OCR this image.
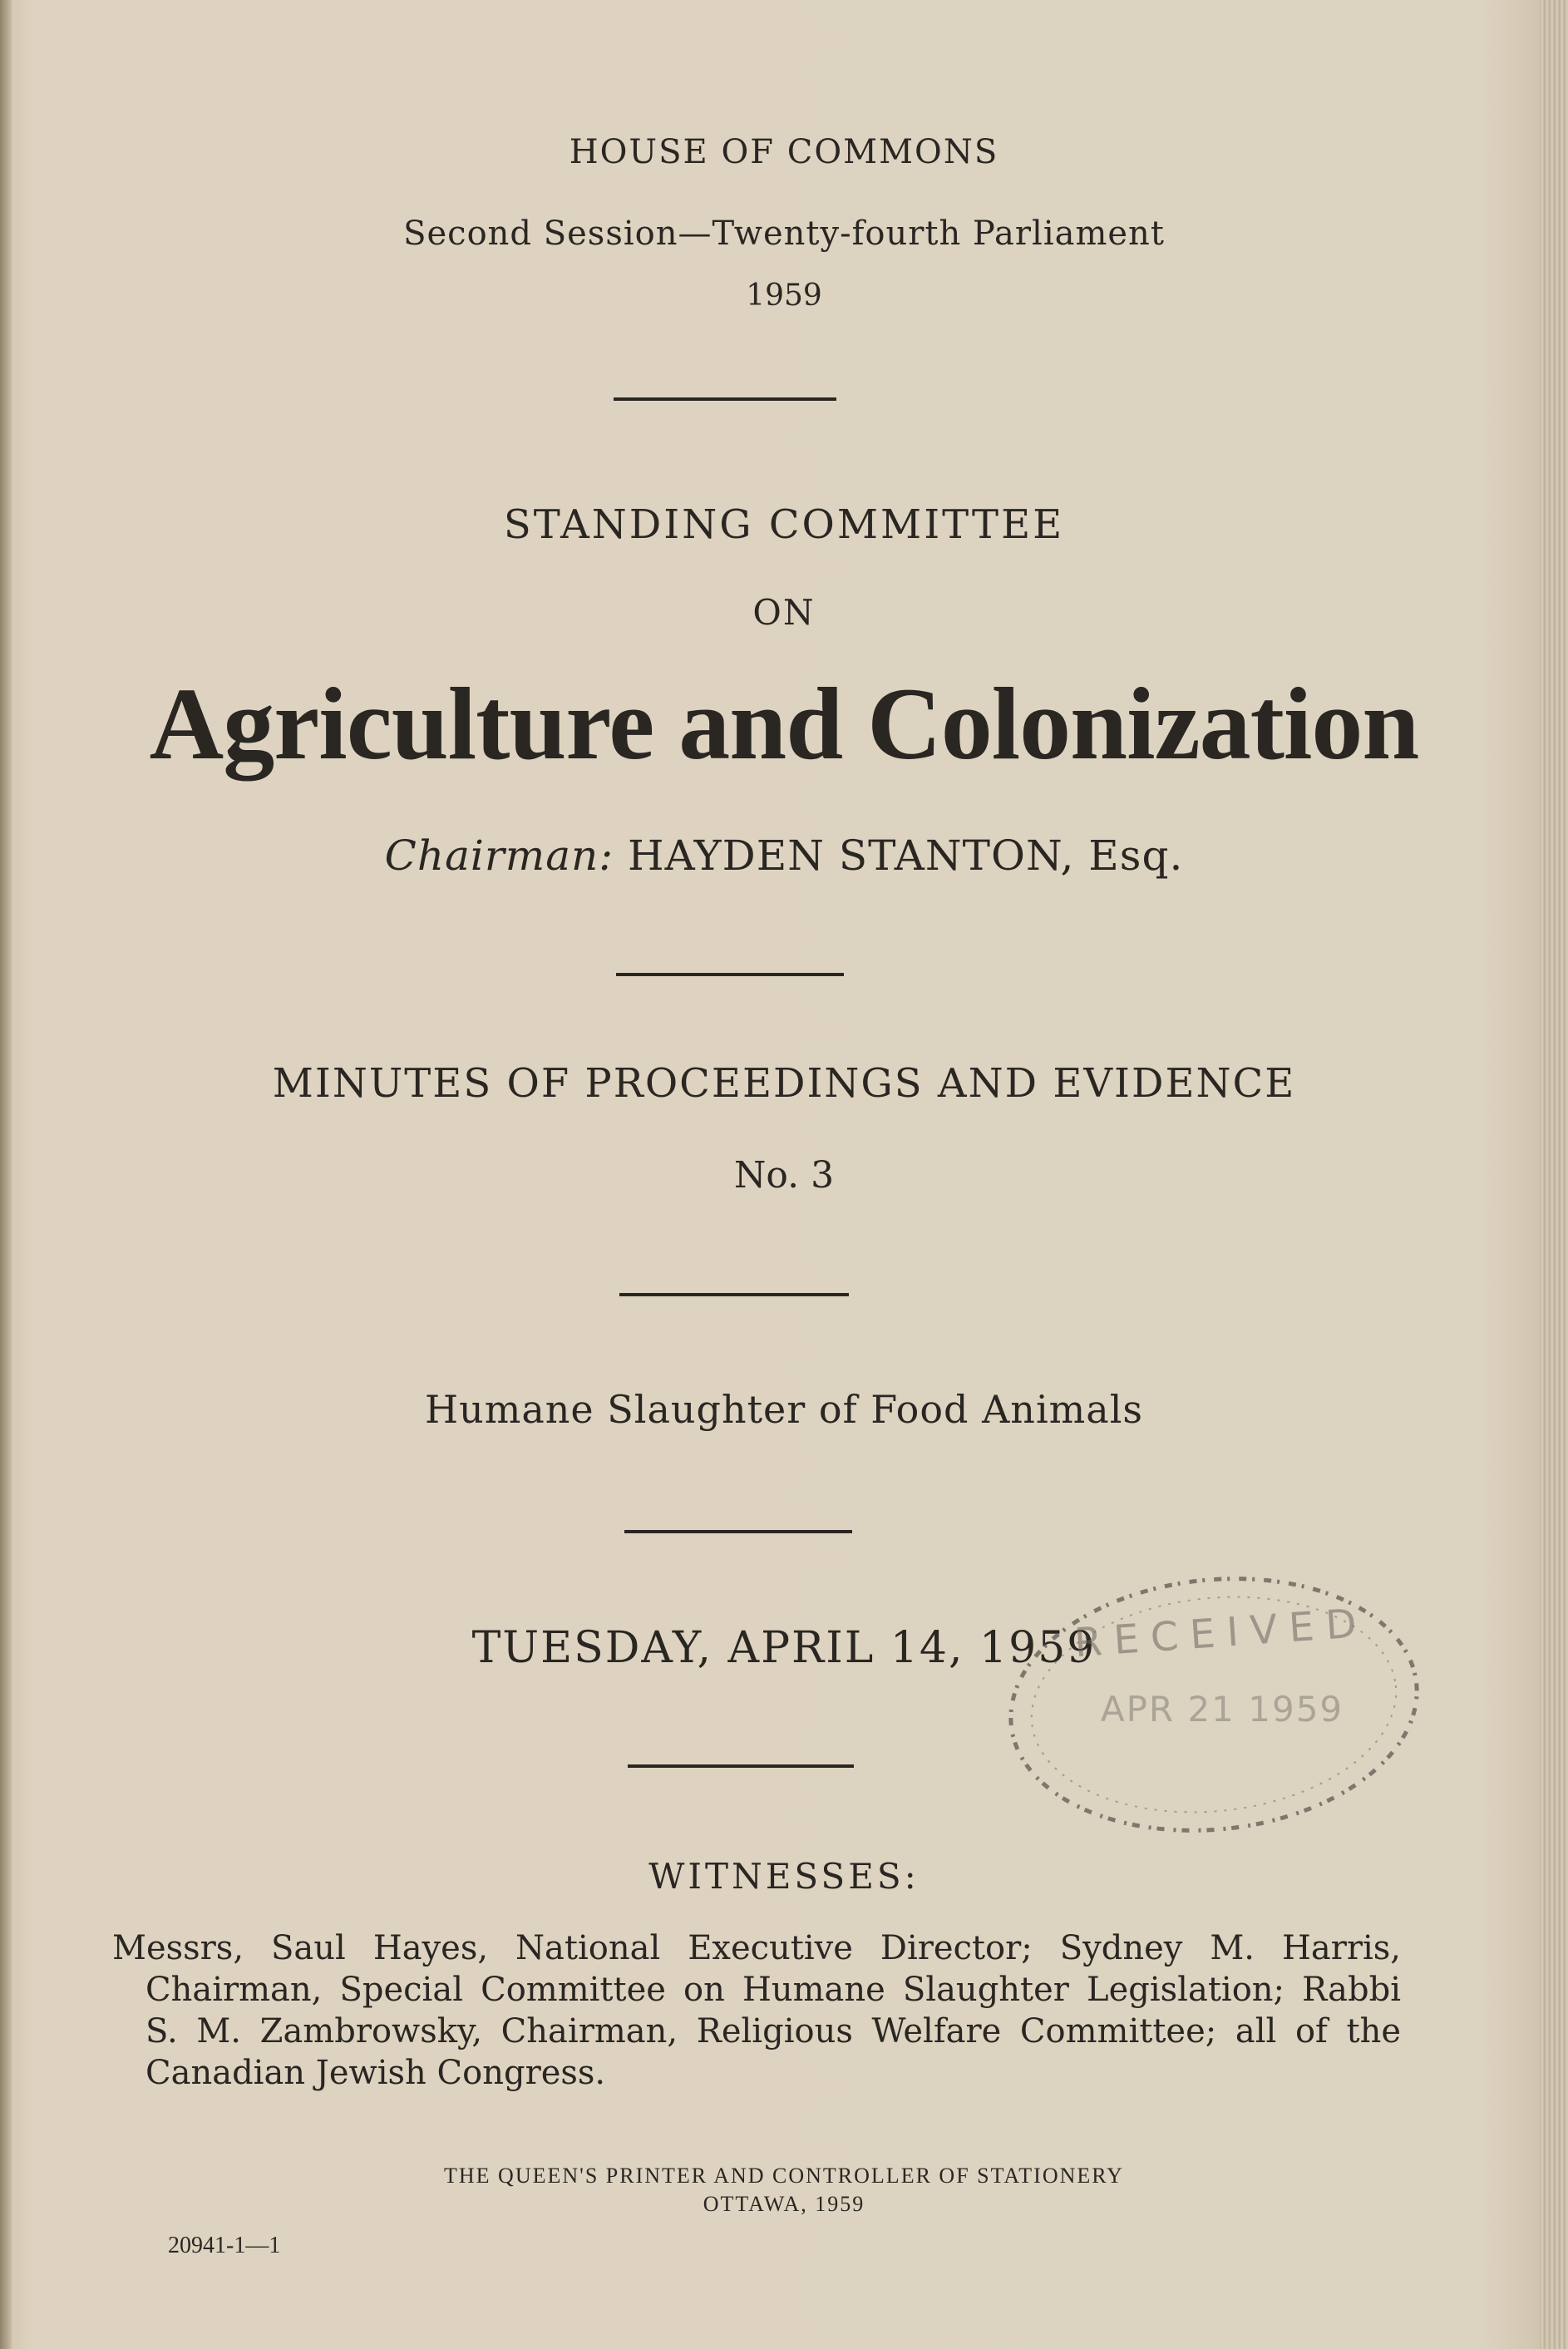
HOUSE OF COMMONS
Second Session—Twenty-fourth Parliament
1959
STANDING COMMITTEE
ON
Agriculture and Colonization
Chairman: HAYDEN STANTON, Esq.
MINUTES OF PROCEEDINGS AND EVIDENCE
No. 3
Humane Slaughter of Food Animals
TUESDAY, APRIL 14, 1959
RECEIVED
APR 21 1959
WITNESSES:
Messrs, Saul Hayes, National Executive Director; Sydney M. Harris,
Chairman, Special Committee on Humane Slaughter Legislation; Rabbi
S. M. Zambrowsky, Chairman, Religious Welfare Committee; all of the
Canadian Jewish Congress.
THE QUEEN'S PRINTER AND CONTROLLER OF STATIONERY
OTTAWA, 1959
20941-1—1
